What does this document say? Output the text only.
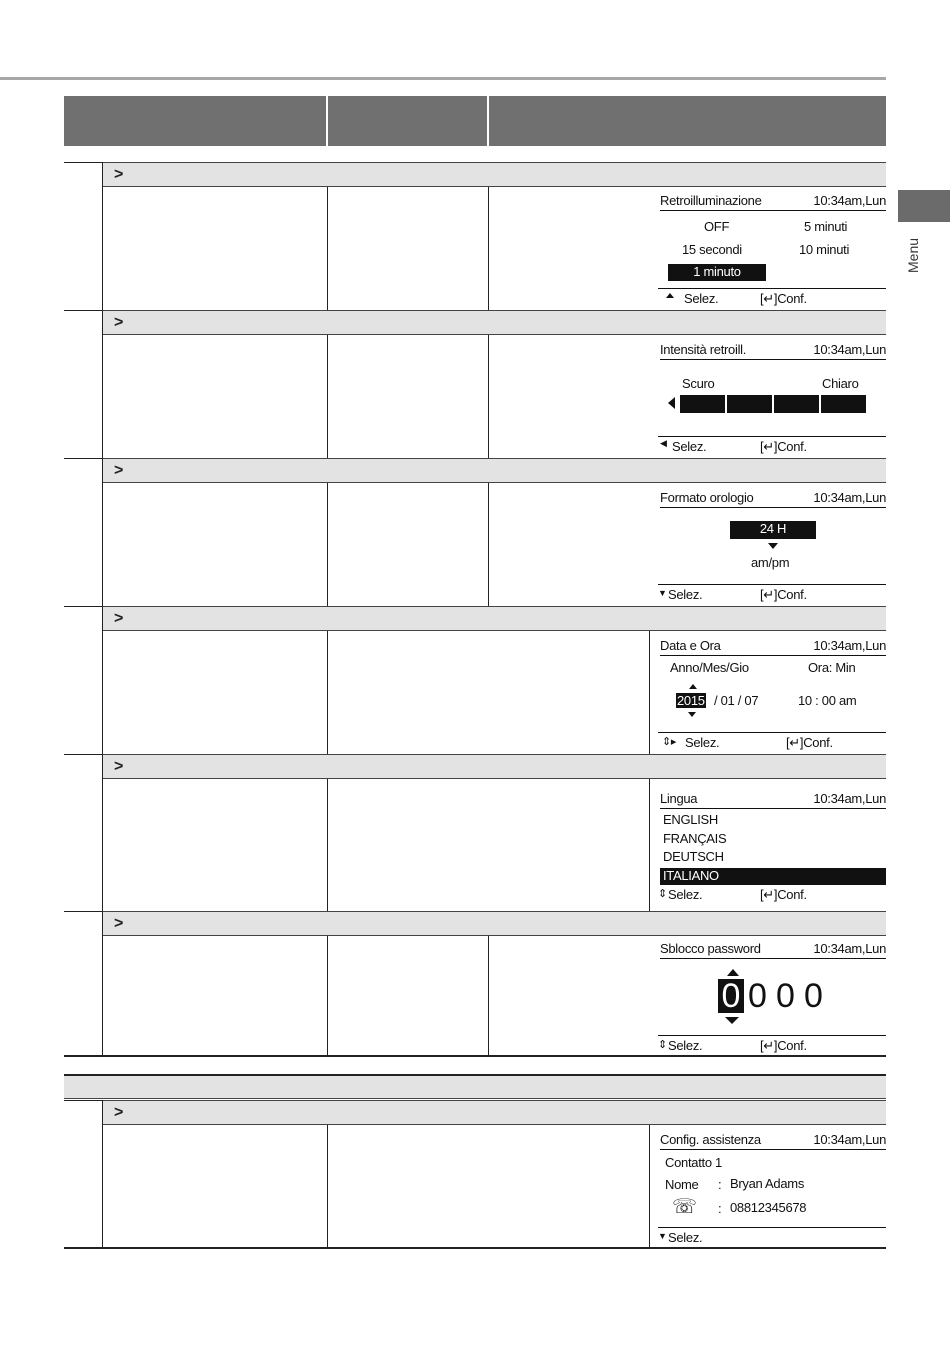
Menu
>
>
>
>
>
>
>
Retroilluminazione	10:34am,Lun
OFF	5 minuti
15 secondi	10 minuti
1 minuto
Selez.	[↵]Conf.
Intensità retroill.	10:34am,Lun
Scuro	Chiaro
◀ Selez.	[↵]Conf.
Formato orologio	10:34am,Lun
24 H
am/pm
▼ Selez.	[↵]Conf.
Data e Ora	10:34am,Lun
Anno/Mes/Gio	Ora: Min
2015 / 01 / 07	10 : 00 am
⇕▸ Selez.	[↵]Conf.
Lingua	10:34am,Lun
ENGLISH
FRANÇAIS
DEUTSCH
ITALIANO
⇕ Selez.	[↵]Conf.
Sblocco password	10:34am,Lun
0 0 0 0
⇕ Selez.	[↵]Conf.
Config. assistenza	10:34am,Lun
Contatto 1
Nome : Bryan Adams
☏ : 08812345678
▼ Selez.
